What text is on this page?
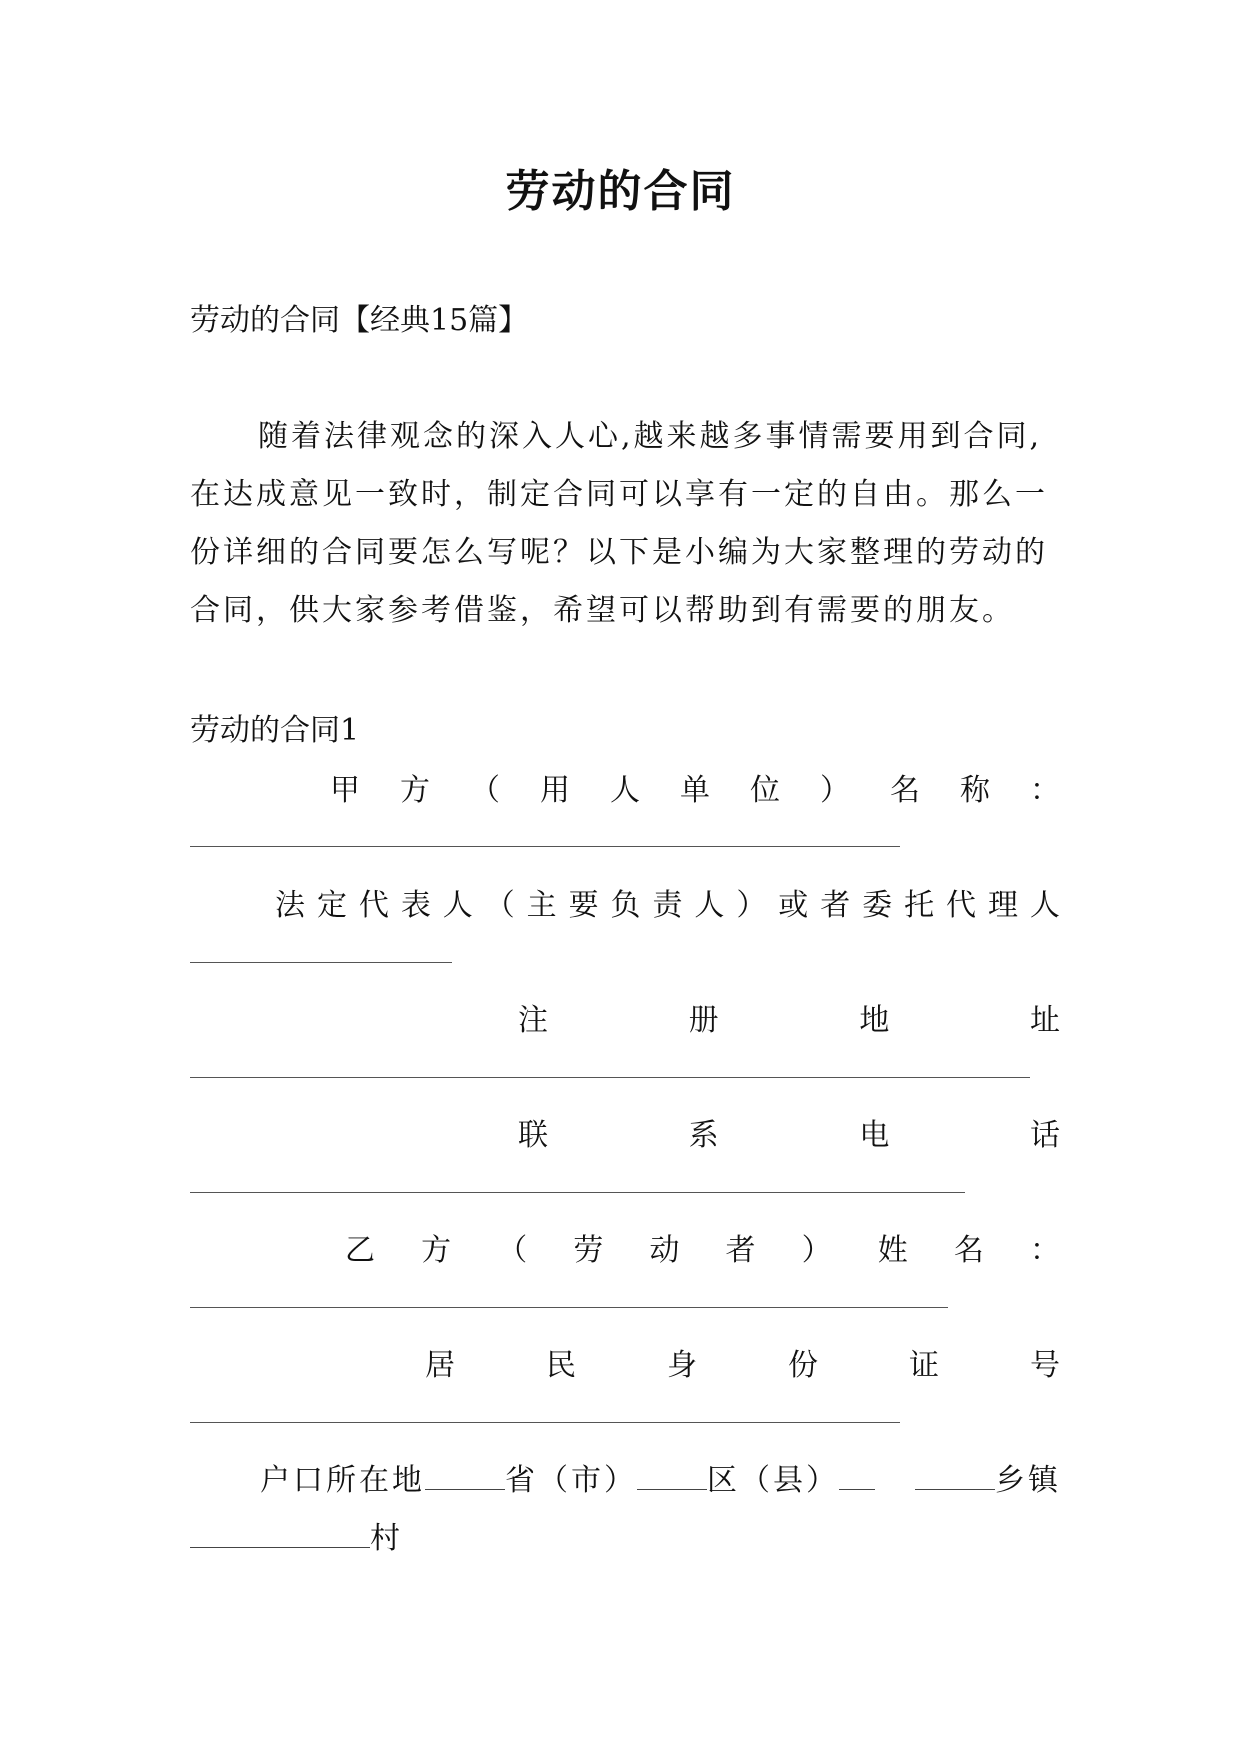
劳动的合同
劳动的合同【经典15篇】
随着法律观念的深入人心,越来越多事情需要用到合同,在达成意见一致时，制定合同可以享有一定的自由。那么一份详细的合同要怎么写呢？以下是小编为大家整理的劳动的合同，供大家参考借鉴，希望可以帮助到有需要的朋友。
劳动的合同1
甲 方 （ 用 人 单 位 ） 名 称 ：
法 定 代 表 人 （ 主 要 负 责 人 ） 或 者 委 托 代 理 人
注	册	地	址
联	系	电	话
乙 方 （ 劳 动 者 ） 姓 名 ：
居	民	身	份	证	号
户口所在地	省（市） 区（县）	乡镇
村
